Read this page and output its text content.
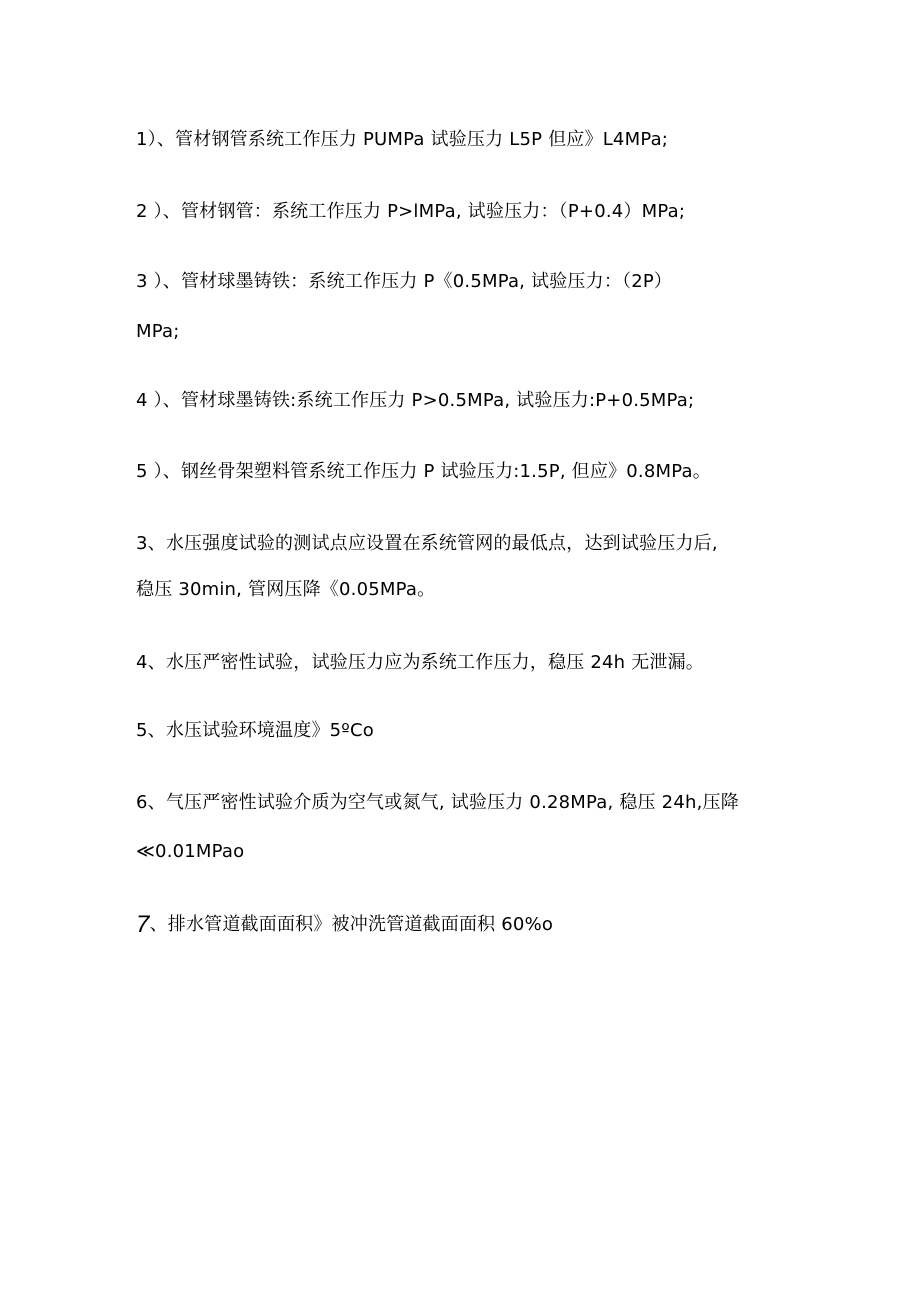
1）、管材钢管系统工作压力 PUMPa 试验压力 L5P 但应》L4MPa;
2 ）、管材钢管：系统工作压力 P>lMPa, 试验压力：（P+0.4）MPa;
3 ）、管材球墨铸铁：系统工作压力 P《0.5MPa, 试验压力：（2P）
MPa;
4 ）、管材球墨铸铁:系统工作压力 P>0.5MPa, 试验压力:P+0.5MPa;
5 ）、钢丝骨架塑料管系统工作压力 P 试验压力:1.5P, 但应》0.8MPa。
3、水压强度试验的测试点应设置在系统管网的最低点，达到试验压力后,
稳压 30min, 管网压降《0.05MPa。
4、水压严密性试验，试验压力应为系统工作压力，稳压 24h 无泄漏。
5、水压试验环境温度》5ºCo
6、气压严密性试验介质为空气或氮气, 试验压力 0.28MPa, 稳压 24h,压降
≪0.01MPao
7、排水管道截面面积》被冲洗管道截面面积 60%o
